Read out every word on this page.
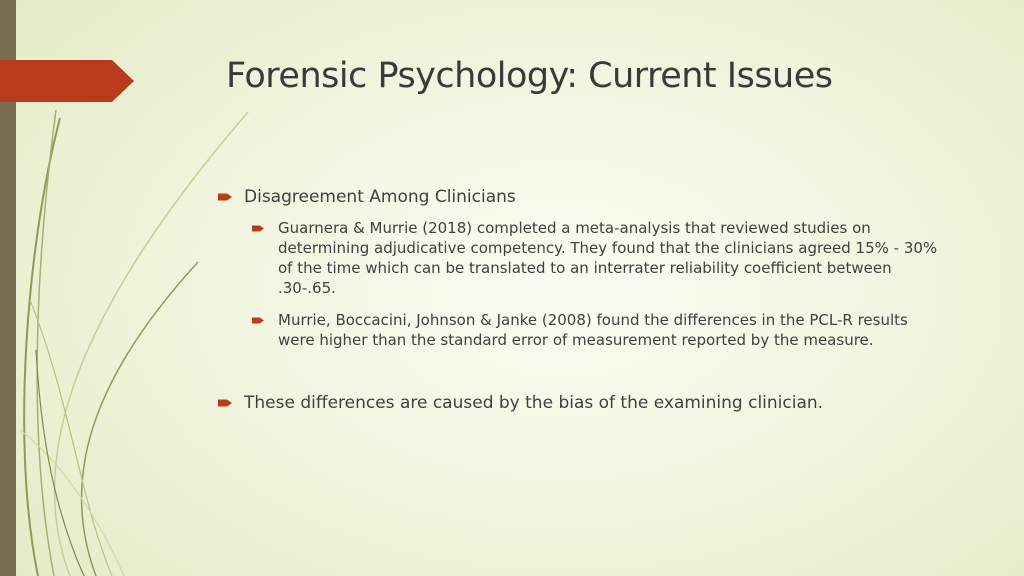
Forensic Psychology: Current Issues
Disagreement Among Clinicians
Guarnera & Murrie (2018) completed a meta-analysis that reviewed studies on determining adjudicative competency. They found that the clinicians agreed 15% - 30% of the time which can be translated to an interrater reliability coefficient between .30-.65.
Murrie, Boccacini, Johnson & Janke (2008) found the differences in the PCL-R results were higher than the standard error of measurement reported by the measure.
These differences are caused by the bias of the examining clinician.
